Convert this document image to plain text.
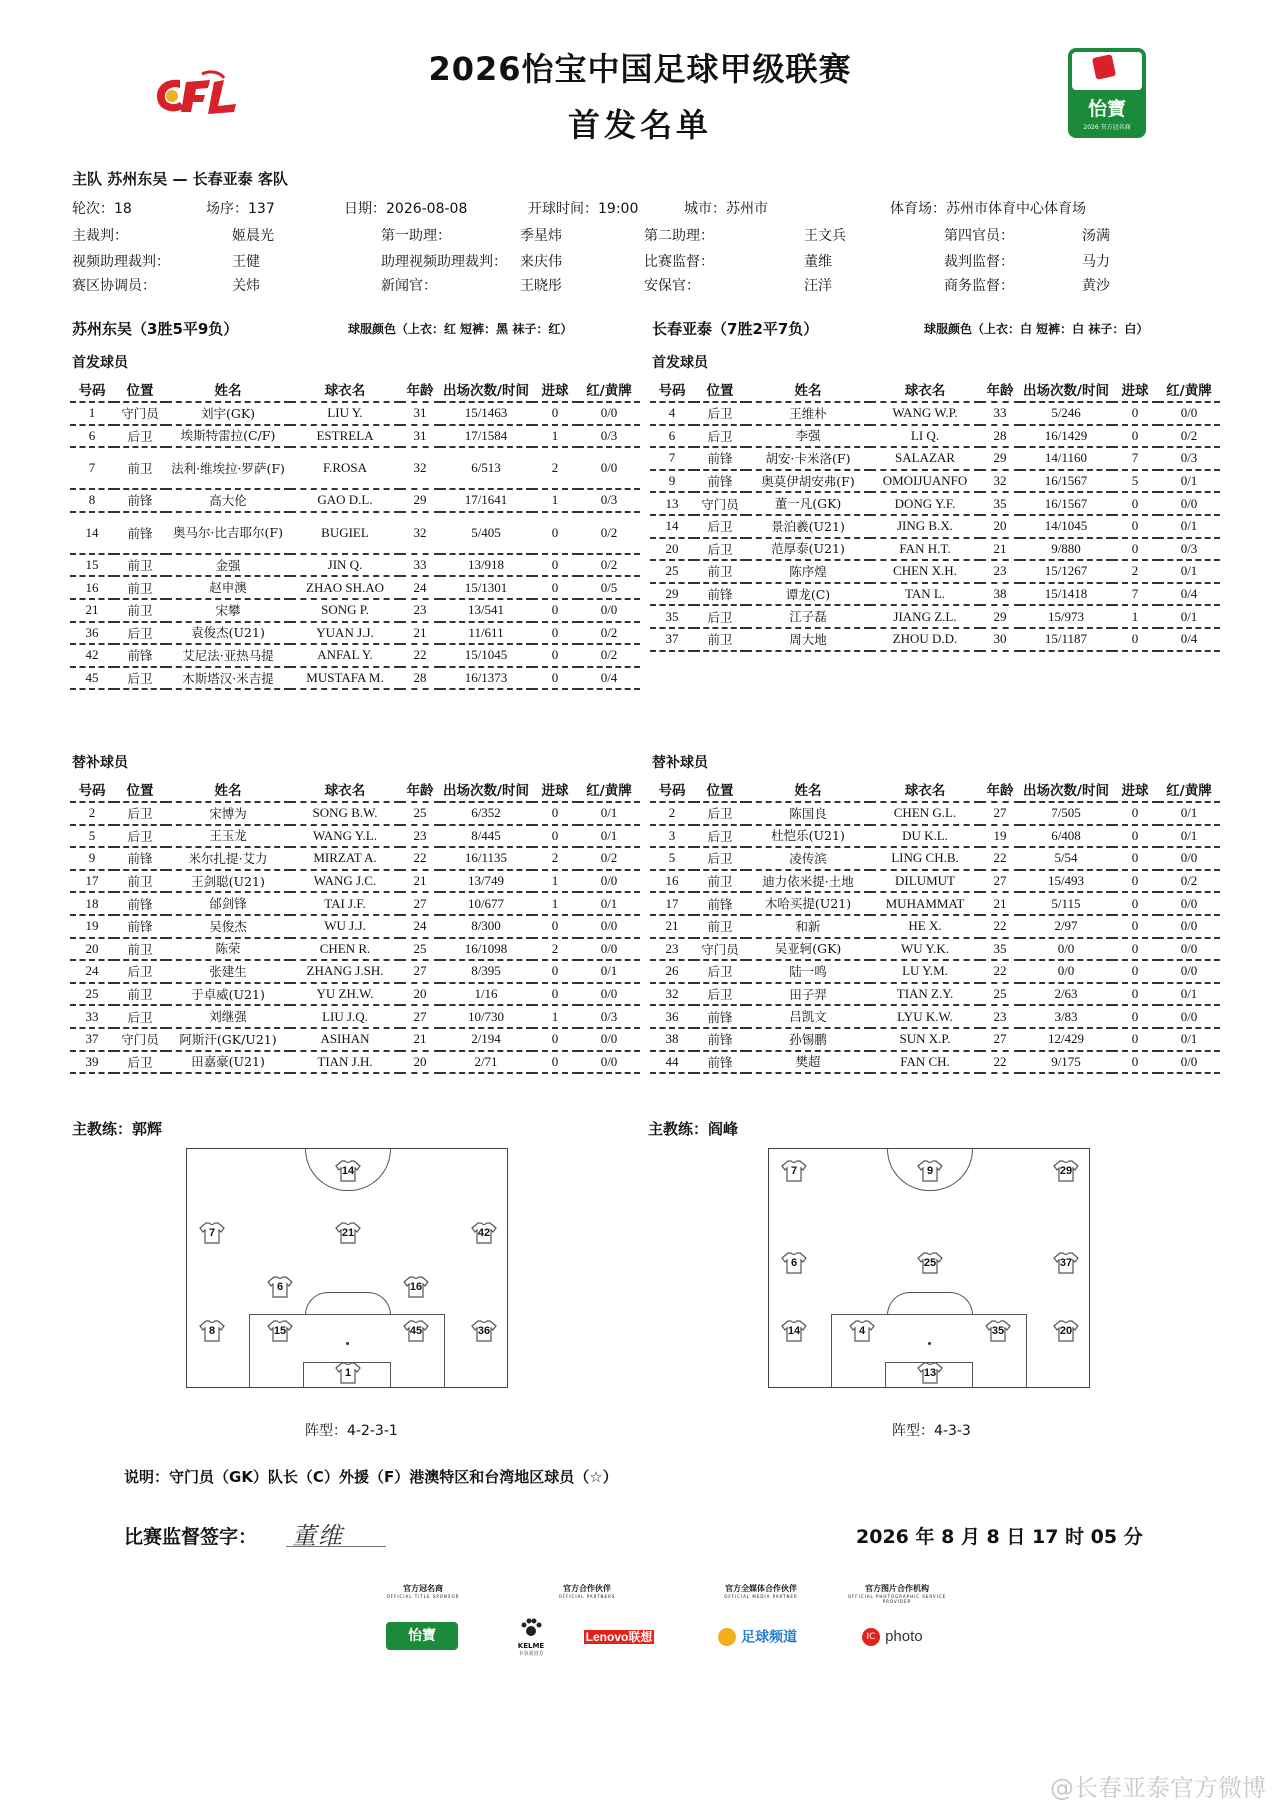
2026怡宝中国足球甲级联赛
首发名单	怡寶
2026 官方冠名商
主队 苏州东吴 — 长春亚泰 客队
轮次：18	场序：137	日期：2026-08-08	开球时间：19:00	城市：苏州市	体育场：苏州市体育中心体育场
主裁判：	姬晨光	第一助理：	季星炜	第二助理：	王文兵	第四官员：	汤满
视频助理裁判：	王健	助理视频助理裁判： 来庆伟	比赛监督：	董维	裁判监督：	马力
赛区协调员：	关炜	新闻官：	王晓彤	安保官：	汪洋	商务监督：	黄沙
苏州东吴（3胜5平9负）	球服颜色（上衣：红 短裤：黑 袜子：红）	长春亚泰（7胜2平7负）	球服颜色（上衣：白 短裤：白 袜子：白）
首发球员	首发球员
替补球员	替补球员
号码	位置	姓名	球衣名	年龄	出场次数/时间	进球	红/黄牌
1	守门员	刘宇(GK)	LIU Y.	31	15/1463	0	0/0
6	后卫	埃斯特雷拉(C/F)	ESTRELA	31	17/1584	1	0/3
7	前卫	法利·维埃拉·罗萨(F)	F.ROSA	32	6/513	2	0/0
8	前锋	高大伦	GAO D.L.	29	17/1641	1	0/3
14	前锋	奥马尔·比吉耶尔(F)	BUGIEL	32	5/405	0	0/2
15	前卫	金强	JIN Q.	33	13/918	0	0/2
16	前卫	赵申澳	ZHAO SH.AO	24	15/1301	0	0/5
21	前卫	宋攀	SONG P.	23	13/541	0	0/0
36	后卫	袁俊杰(U21)	YUAN J.J.	21	11/611	0	0/2
42	前锋	艾尼法·亚热马提	ANFAL Y.	22	15/1045	0	0/2
45	后卫	木斯塔汉·米吉提	MUSTAFA M.	28	16/1373	0	0/4
号码	位置	姓名	球衣名	年龄	出场次数/时间	进球	红/黄牌
4	后卫	王维朴	WANG W.P.	33	5/246	0	0/0
6	后卫	李强	LI Q.	28	16/1429	0	0/2
7	前锋	胡安·卡米洛(F)	SALAZAR	29	14/1160	7	0/3
9	前锋	奥莫伊胡安弗(F)	OMOIJUANFO	32	16/1567	5	0/1
13	守门员	董一凡(GK)	DONG Y.F.	35	16/1567	0	0/0
14	后卫	景泊羲(U21)	JING B.X.	20	14/1045	0	0/1
20	后卫	范厚泰(U21)	FAN H.T.	21	9/880	0	0/3
25	前卫	陈序煌	CHEN X.H.	23	15/1267	2	0/1
29	前锋	谭龙(C)	TAN L.	38	15/1418	7	0/4
35	后卫	江子磊	JIANG Z.L.	29	15/973	1	0/1
37	前卫	周大地	ZHOU D.D.	30	15/1187	0	0/4
号码	位置	姓名	球衣名	年龄	出场次数/时间	进球	红/黄牌
2	后卫	宋博为	SONG B.W.	25	6/352	0	0/1
5	后卫	王玉龙	WANG Y.L.	23	8/445	0	0/1
9	前锋	米尔扎提·艾力	MIRZAT A.	22	16/1135	2	0/2
17	前卫	王剑聪(U21)	WANG J.C.	21	13/749	1	0/0
18	前锋	邰剑锋	TAI J.F.	27	10/677	1	0/1
19	前锋	吴俊杰	WU J.J.	24	8/300	0	0/0
20	前卫	陈荣	CHEN R.	25	16/1098	2	0/0
24	后卫	张建生	ZHANG J.SH.	27	8/395	0	0/1
25	前卫	于卓威(U21)	YU ZH.W.	20	1/16	0	0/0
33	后卫	刘继强	LIU J.Q.	27	10/730	1	0/3
37	守门员	阿斯汗(GK/U21)	ASIHAN	21	2/194	0	0/0
39	后卫	田嘉豪(U21)	TIAN J.H.	20	2/71	0	0/0
号码	位置	姓名	球衣名	年龄	出场次数/时间	进球	红/黄牌
2	后卫	陈国良	CHEN G.L.	27	7/505	0	0/1
3	后卫	杜恺乐(U21)	DU K.L.	19	6/408	0	0/1
5	后卫	凌传滨	LING CH.B.	22	5/54	0	0/0
16	前卫	迪力依米提·土地	DILUMUT	27	15/493	0	0/2
17	前锋	木哈买提(U21)	MUHAMMAT	21	5/115	0	0/0
21	前卫	和新	HE X.	22	2/97	0	0/0
23	守门员	吴亚轲(GK)	WU Y.K.	35	0/0	0	0/0
26	后卫	陆一鸣	LU Y.M.	22	0/0	0	0/0
32	后卫	田子羿	TIAN Z.Y.	25	2/63	0	0/1
36	前锋	吕凯文	LYU K.W.	23	3/83	0	0/0
38	前锋	孙锡鹏	SUN X.P.	27	12/429	0	0/1
44	前锋	樊超	FAN CH.	22	9/175	0	0/0
主教练：郭辉	主教练：阎峰
14
7	21	42
6	16
8	15	45	36
1
7	9	29
6	25	37
14	4	35	20
13
阵型：4-2-3-1	阵型：4-3-3
说明：守门员（GK）队长（C）外援（F）港澳特区和台湾地区球员（☆）
比赛监督签字： 董维	2026 年 8 月 8 日 17 时 05 分
官方冠名商
OFFICIAL TITLE SPONSOR
怡寶
官方合作伙伴
OFFICIAL PARTNERS
KELME
卡尔美官方
Lenovo联想
官方全媒体合作伙伴
OFFICIAL MEDIA PARTNER
足球频道
官方图片合作机构
OFFICIAL PHOTOGRAPHIC SERVICE PROVIDER
IC photo
@长春亚泰官方微博
